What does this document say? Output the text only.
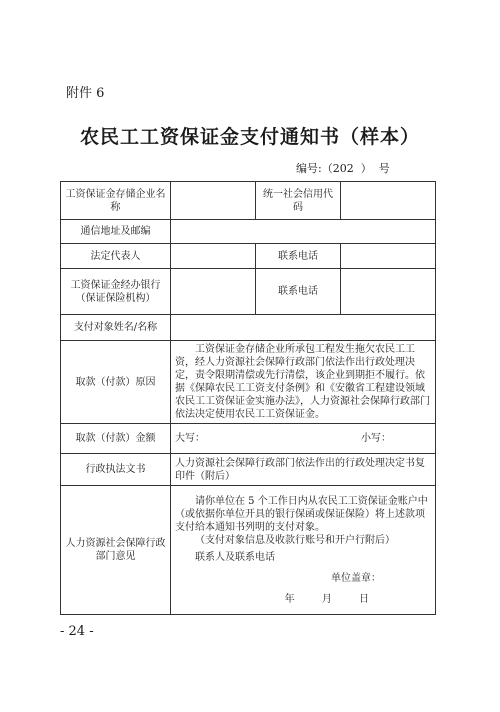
附件 6
农民工工资保证金支付通知书（样本）
编号:（202  ）  号
工资保证金存储企业名称		统一社会信用代码	
通信地址及邮编			
法定代表人		联系电话	
工资保证金经办银行（保证保险机构）		联系电话	
支付对象姓名/名称			
取款（付款）原因	工资保证金存储企业所承包工程发生拖欠农民工工资，经人力资源社会保障行政部门依法作出行政处理决定，责令限期清偿或先行清偿，该企业到期拒不履行。依据《保障农民工工资支付条例》和《安徽省工程建设领域农民工工资保证金实施办法》，人力资源社会保障行政部门依法决定使用农民工工资保证金。		
取款（付款）金额	大写： 小写：		

行政执法文书	人力资源社会保障行政部门依法作出的行政处理决定书复印件（附后）		
人力资源社会保障行政部门意见	请你单位在 5 个工作日内从农民工工资保证金账户中（或依据你单位开具的银行保函或保证保险）将上述款项支付给本通知书列明的支付对象。

（支付对象信息及收款行账号和开户行附后）

联系人及联系电话

单位盖章：

年 月 日		

- 24 -
